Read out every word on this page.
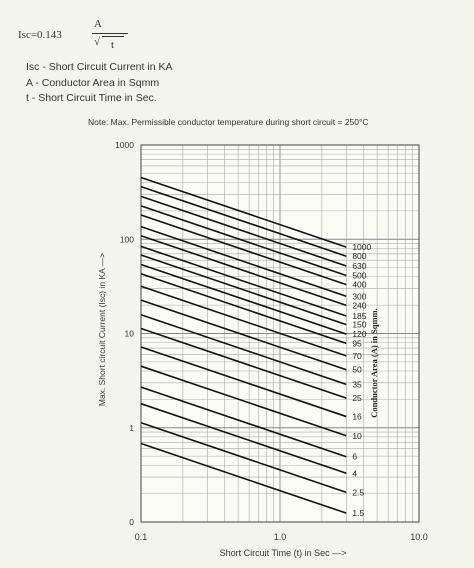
Isc=0.143
A
√ t
Isc - Short Circuit Current in KA
A - Conductor Area in Sqmm
t - Short Circuit Time in Sec.
Note: Max. Permissible conductor temperature during short circuit = 250°C
1000
800
630
500
400
300
240
185
150
120
95
70
50
35
25
16
10
6
4
2.5
1.5
1000
100
10
1
0
0.1	1.0	10.0
Short Circuit Time (t) in Sec —>
Max. Short circuit Current (Isc) in KA —>	Conductor Area (A) in Sqmm.
